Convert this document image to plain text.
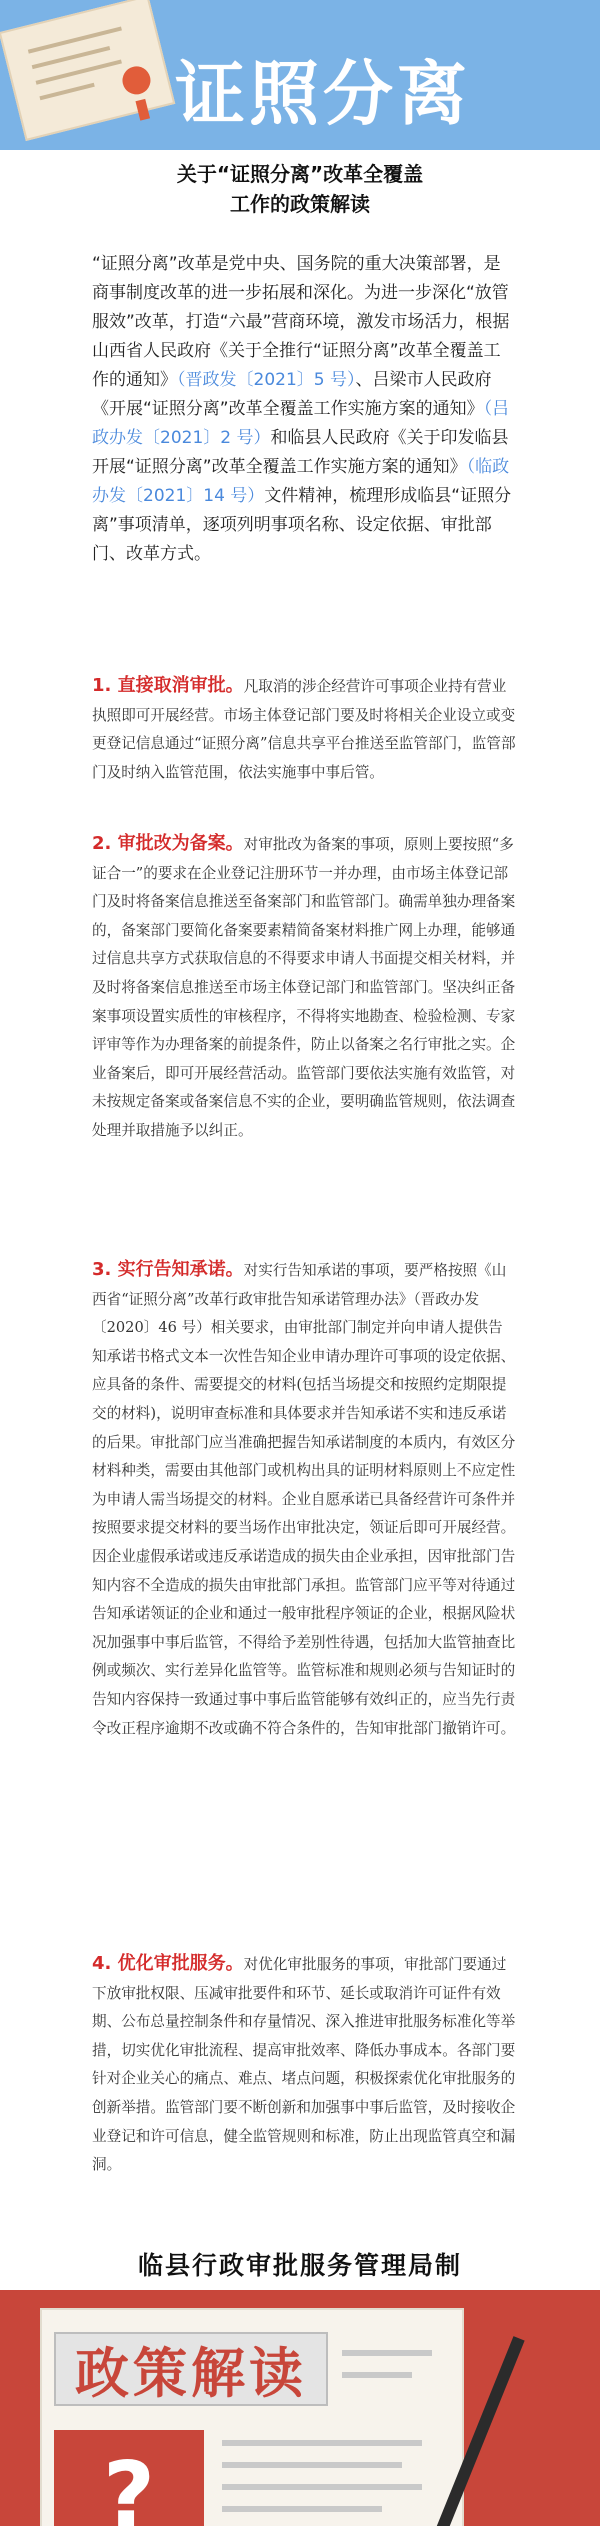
证照分离
关于“证照分离”改革全覆盖
工作的政策解读
“证照分离”改革是党中央、国务院的重大决策部署，是商事制度改革的进一步拓展和深化。为进一步深化“放管服效”改革，打造“六最”营商环境，激发市场活力，根据山西省人民政府《关于全推行“证照分离”改革全覆盖工作的通知》（晋政发〔2021〕5 号）、吕梁市人民政府《开展“证照分离”改革全覆盖工作实施方案的通知》（吕政办发〔2021〕2 号）和临县人民政府《关于印发临县开展“证照分离”改革全覆盖工作实施方案的通知》（临政办发〔2021〕14 号）文件精神，梳理形成临县“证照分离”事项清单，逐项列明事项名称、设定依据、审批部门、改革方式。
1. 直接取消审批。凡取消的涉企经营许可事项企业持有营业执照即可开展经营。市场主体登记部门要及时将相关企业设立或变更登记信息通过“证照分离”信息共享平台推送至监管部门，监管部门及时纳入监管范围，依法实施事中事后管。
2. 审批改为备案。对审批改为备案的事项，原则上要按照“多证合一”的要求在企业登记注册环节一并办理，由市场主体登记部门及时将备案信息推送至备案部门和监管部门。确需单独办理备案的，备案部门要简化备案要素精简备案材料推广网上办理，能够通过信息共享方式获取信息的不得要求申请人书面提交相关材料，并及时将备案信息推送至市场主体登记部门和监管部门。坚决纠正备案事项设置实质性的审核程序，不得将实地勘查、检验检测、专家评审等作为办理备案的前提条件，防止以备案之名行审批之实。企业备案后，即可开展经营活动。监管部门要依法实施有效监管，对未按规定备案或备案信息不实的企业，要明确监管规则，依法调查处理并取措施予以纠正。
3. 实行告知承诺。对实行告知承诺的事项，要严格按照《山西省“证照分离”改革行政审批告知承诺管理办法》（晋政办发〔2020〕46 号）相关要求，由审批部门制定并向申请人提供告知承诺书格式文本一次性告知企业申请办理许可事项的设定依据、应具备的条件、需要提交的材料(包括当场提交和按照约定期限提交的材料)，说明审查标准和具体要求并告知承诺不实和违反承诺的后果。审批部门应当准确把握告知承诺制度的本质内，有效区分材料种类，需要由其他部门或机构出具的证明材料原则上不应定性为申请人需当场提交的材料。企业自愿承诺已具备经营许可条件并按照要求提交材料的要当场作出审批决定，领证后即可开展经营。因企业虚假承诺或违反承诺造成的损失由企业承担，因审批部门告知内容不全造成的损失由审批部门承担。监管部门应平等对待通过告知承诺领证的企业和通过一般审批程序领证的企业，根据风险状况加强事中事后监管，不得给予差别性待遇，包括加大监管抽查比例或频次、实行差异化监管等。监管标准和规则必须与告知证时的告知内容保持一致通过事中事后监管能够有效纠正的，应当先行责令改正程序逾期不改或确不符合条件的，告知审批部门撤销许可。
4. 优化审批服务。对优化审批服务的事项，审批部门要通过下放审批权限、压减审批要件和环节、延长或取消许可证件有效期、公布总量控制条件和存量情况、深入推进审批服务标准化等举措，切实优化审批流程、提高审批效率、降低办事成本。各部门要针对企业关心的痛点、难点、堵点问题，积极探索优化审批服务的创新举措。监管部门要不断创新和加强事中事后监管，及时接收企业登记和许可信息，健全监管规则和标准，防止出现监管真空和漏洞。
临县行政审批服务管理局制
政策解读
?
